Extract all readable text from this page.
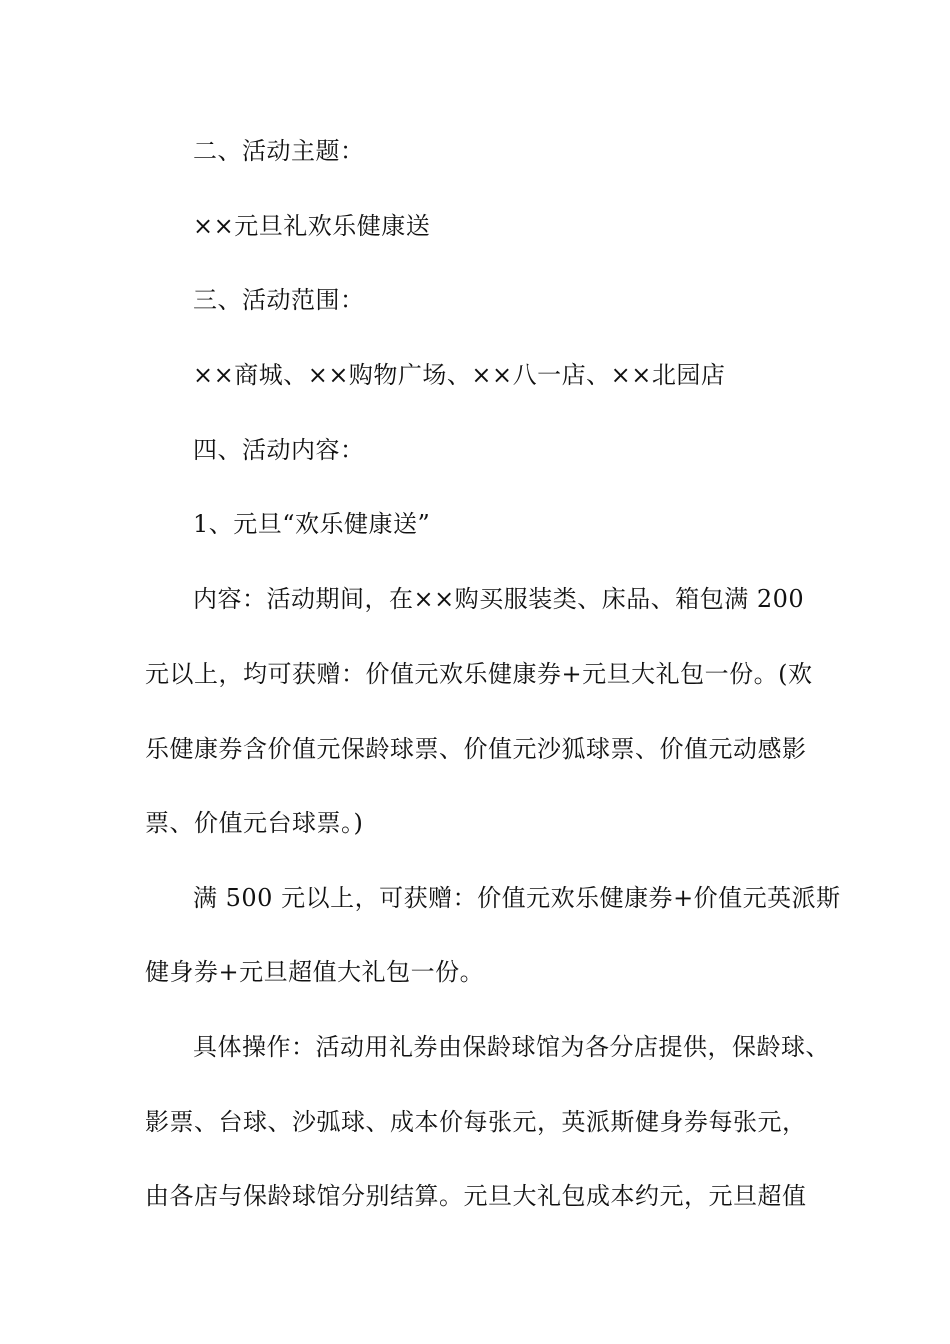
二、活动主题：
××元旦礼欢乐健康送
三、活动范围：
××商城、××购物广场、××八一店、××北园店
四、活动内容：
1、元旦“欢乐健康送”
内容：活动期间，在××购买服装类、床品、箱包满 200
元以上，均可获赠：价值元欢乐健康券+元旦大礼包一份。(欢
乐健康券含价值元保龄球票、价值元沙狐球票、价值元动感影
票、价值元台球票。)
满 500 元以上，可获赠：价值元欢乐健康券+价值元英派斯
健身券+元旦超值大礼包一份。
具体操作：活动用礼券由保龄球馆为各分店提供，保龄球、
影票、台球、沙弧球、成本价每张元，英派斯健身券每张元，
由各店与保龄球馆分别结算。元旦大礼包成本约元，元旦超值
